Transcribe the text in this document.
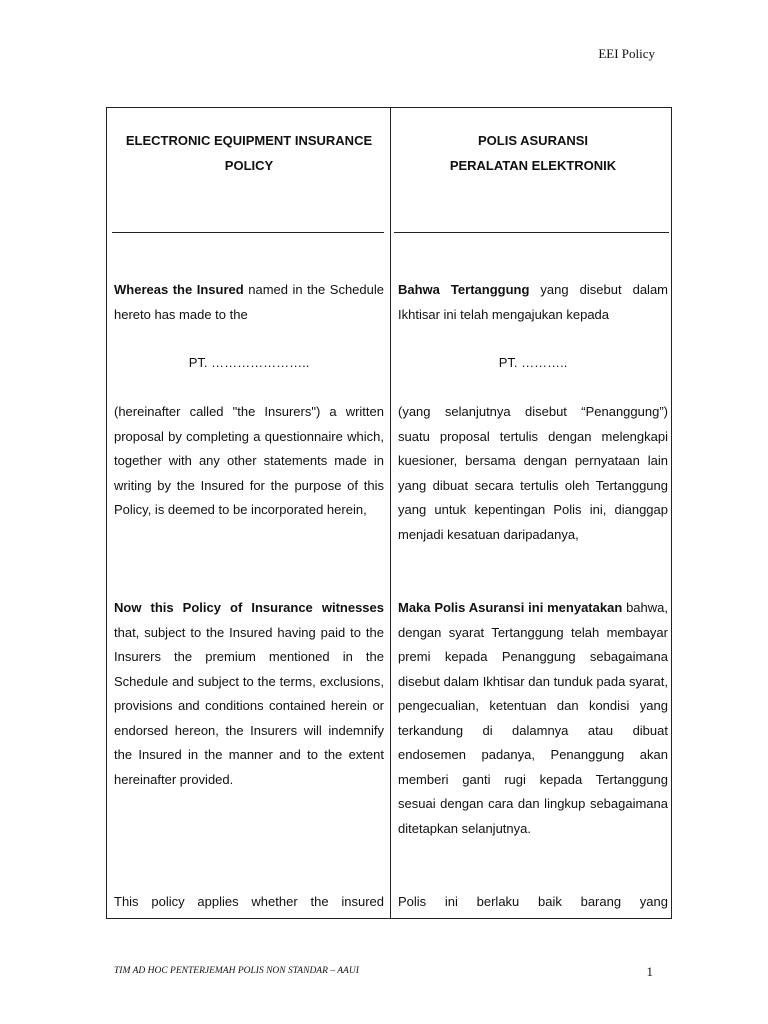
EEI Policy
ELECTRONIC EQUIPMENT INSURANCE
POLICY
Whereas the Insured named in the Schedule hereto has made to the
PT. …………………..
(hereinafter called "the Insurers") a written proposal by completing a questionnaire which, together with any other statements made in writing by the Insured for the purpose of this Policy, is deemed to be incorporated herein,
Now this Policy of Insurance witnesses that, subject to the Insured having paid to the Insurers the premium mentioned in the Schedule and subject to the terms, exclusions, provisions and conditions contained herein or endorsed hereon, the Insurers will indemnify the Insured in the manner and to the extent hereinafter provided.
This policy applies whether the insured
POLIS ASURANSI
PERALATAN ELEKTRONIK
Bahwa Tertanggung yang disebut dalam Ikhtisar ini telah mengajukan kepada
PT. ………..
(yang selanjutnya disebut “Penanggung”) suatu proposal tertulis dengan melengkapi kuesioner, bersama dengan pernyataan lain yang dibuat secara tertulis oleh Tertanggung yang untuk kepentingan Polis ini, dianggap menjadi kesatuan daripadanya,
Maka Polis Asuransi ini menyatakan bahwa, dengan syarat Tertanggung telah membayar premi kepada Penanggung sebagaimana disebut dalam Ikhtisar dan tunduk pada syarat, pengecualian, ketentuan dan kondisi yang terkandung di dalamnya atau dibuat endosemen padanya, Penanggung akan memberi ganti rugi kepada Tertanggung sesuai dengan cara dan lingkup sebagaimana ditetapkan selanjutnya.
Polis ini berlaku baik barang yang
TIM AD HOC PENTERJEMAH POLIS NON STANDAR – AAUI	1
